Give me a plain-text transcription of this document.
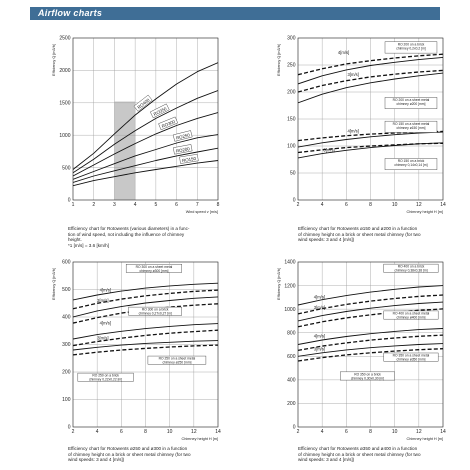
Airflow charts
1	2	3	4	5	6	7	8
0
500
1000
1500
2000
2500
Wind speed v [m/s]
Efficiency Q [m3/h]
RO400
RO350
RO300
RO250
RO200
RO150
2	4	6	8	10	12	14
0
50
100
150
200
250
300
Chimney height H [m]
Efficiency Q [m3/h]	4[m/s]
3[m/s]
4[m/s]
3[m/s]
RO 200 on a brick
chimney 0,2x0,2 [m]
RO 200 on a sheet metal
chimney ø200 [mm]
RO 150 on a sheet metal
chimney ø150 [mm]
RO 150 on a brick
chimney 0,14x0,14 [m]
2	4	6	8	10	12	14
0
100
200
300
400
500
600
Chimney height H [m]
Efficiency Q [m3/h]	4[m/s]
3[m/s]
4[m/s]
3[m/s]
RO 300 on a sheet metal
chimney ø300 [mm]
RO 300 on a brick
chimney 0,27x0,27 [m]
RO 250 on a sheet metal
chimney ø250 [mm]
RO 250 on a brick
chimney 0,22x0,22 [m]
2	4	6	8	10	12	14
0
200
400
600
800
1000
1200
1400
Chimney height H [m]
Efficiency Q [m3/h]	4[m/s]
3[m/s]
4[m/s]
3[m/s]
RO 400 on a brick
chimney 0,38x0,38 [m]
RO 400 on a sheet metal
chimney ø400 [mm]
RO 350 on a sheet metal
chimney ø350 [mm]
RO 350 on a brick
chimney 0,30x0,30 [m]
Efficiency chart for Rotowents (various diameters) in a func-
tion of wind speed, not including the influence of chimney
height.
*1 [m/s] = 3.6 [km/h]
Efficiency chart for Rotowents ø150 and ø200 in a function
of chimney height on a brick or sheet metal chimney (for two
wind speeds: 3 and 4 [m/s])
Efficiency chart for Rotowents ø250 and ø300 in a function
of chimney height on a brick or sheet metal chimney (for two
wind speeds: 3 and 4 [m/s])
Efficiency chart for Rotowents ø350 and ø400 in a function
of chimney height on a brick or sheet metal chimney (for two
wind speeds: 3 and 4 [m/s])
